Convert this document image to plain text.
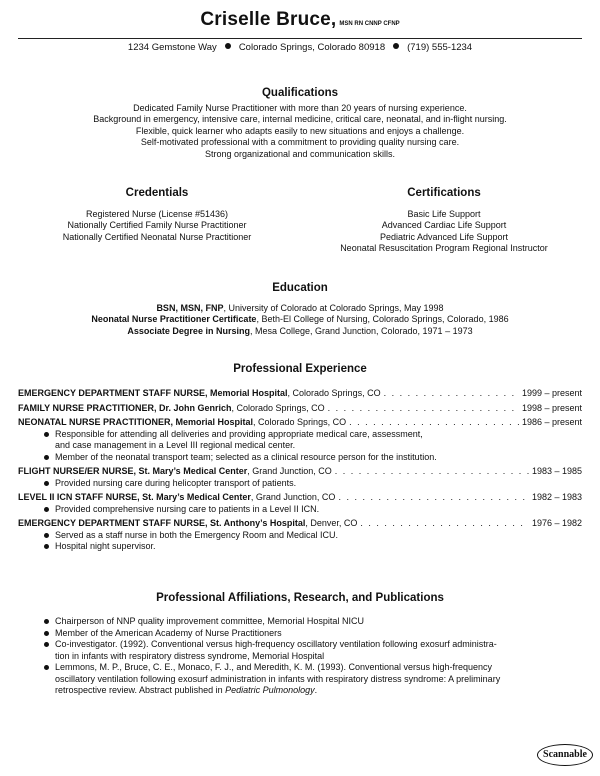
Criselle Bruce, MSN RN CNNP CFNP
1234 Gemstone Way Colorado Springs, Colorado 80918 (719) 555-1234
Qualifications
Dedicated Family Nurse Practitioner with more than 20 years of nursing experience.
Background in emergency, intensive care, internal medicine, critical care, neonatal, and in-flight nursing.
Flexible, quick learner who adapts easily to new situations and enjoys a challenge.
Self-motivated professional with a commitment to providing quality nursing care.
Strong organizational and communication skills.
Credentials
Registered Nurse (License #51436)
Nationally Certified Family Nurse Practitioner
Nationally Certified Neonatal Nurse Practitioner
Certifications
Basic Life Support
Advanced Cardiac Life Support
Pediatric Advanced Life Support
Neonatal Resuscitation Program Regional Instructor
Education
BSN, MSN, FNP, University of Colorado at Colorado Springs, May 1998
Neonatal Nurse Practitioner Certificate, Beth-El College of Nursing, Colorado Springs, Colorado, 1986
Associate Degree in Nursing, Mesa College, Grand Junction, Colorado, 1971 – 1973
Professional Experience
EMERGENCY DEPARTMENT STAFF NURSE, Memorial Hospital , Colorado Springs, CO . . .	1999 – present
FAMILY NURSE PRACTITIONER, Dr. John Genrich , Colorado Springs, CO . . .	1998 – present
NEONATAL NURSE PRACTITIONER, Memorial Hospital , Colorado Springs, CO . . .	1986 – present
Responsible for attending all deliveries and providing appropriate medical care, assessment,
and case management in a Level III regional medical center.
Member of the neonatal transport team; selected as a clinical resource person for the institution.
FLIGHT NURSE/ER NURSE, St. Mary’s Medical Center , Grand Junction, CO . . .	1983 – 1985
Provided nursing care during helicopter transport of patients.
LEVEL II ICN STAFF NURSE, St. Mary’s Medical Center , Grand Junction, CO . . .	1982 – 1983
Provided comprehensive nursing care to patients in a Level II ICN.
EMERGENCY DEPARTMENT STAFF NURSE, St. Anthony’s Hospital , Denver, CO . . .	1976 – 1982
Served as a staff nurse in both the Emergency Room and Medical ICU.
Hospital night supervisor.
Professional Affiliations, Research, and Publications
Chairperson of NNP quality improvement committee, Memorial Hospital NICU
Member of the American Academy of Nurse Practitioners
Co-investigator. (1992). Conventional versus high-frequency oscillatory ventilation following exosurf administra-
tion in infants with respiratory distress syndrome, Memorial Hospital
Lemmons, M. P., Bruce, C. E., Monaco, F. J., and Meredith, K. M. (1993). Conventional versus high-frequency
oscillatory ventilation following exosurf administration in infants with respiratory distress syndrome: A preliminary
retrospective review. Abstract published in Pediatric Pulmonology.
Scannable
